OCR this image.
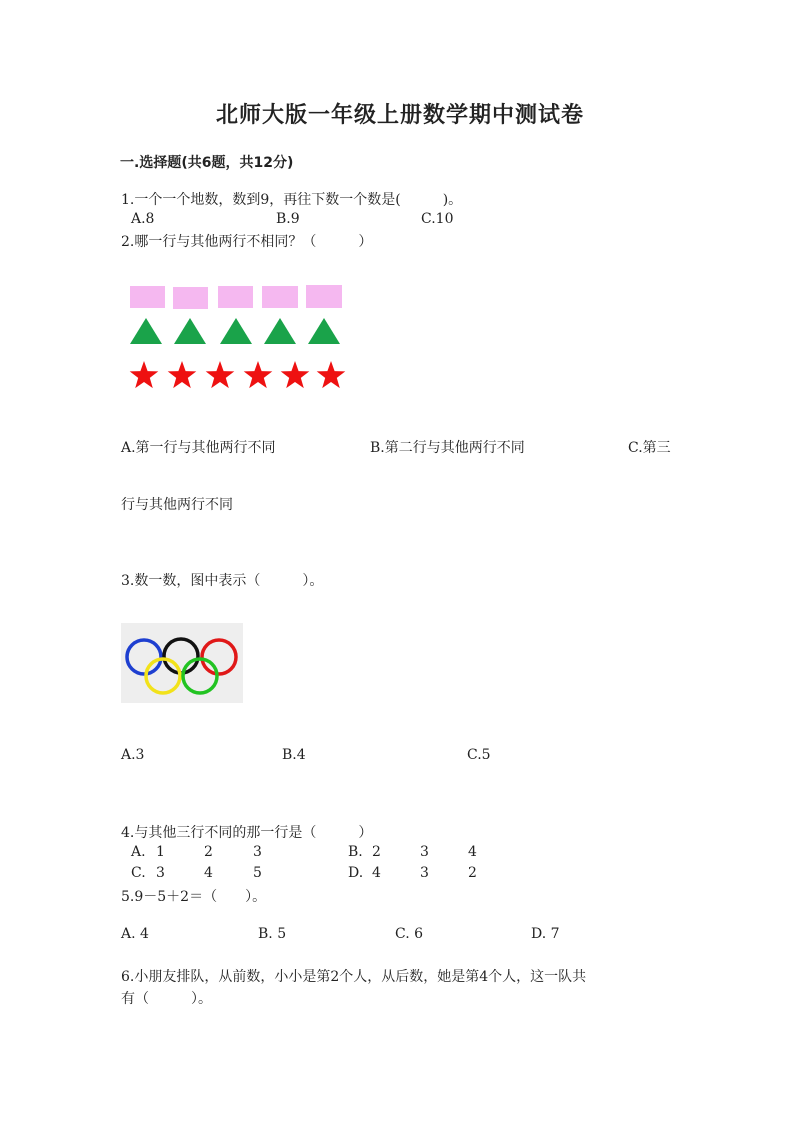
北师大版一年级上册数学期中测试卷
一.选择题(共6题，共12分)
1.一个一个地数，数到9，再往下数一个数是(　　　)。
A.8	B.9	C.10
2.哪一行与其他两行不相同？（　　　）
A.第一行与其他两行不同	B.第二行与其他两行不同	C.第三
行与其他两行不同
3.数一数，图中表示（　　　）。
A.3	B.4	C.5
4.与其他三行不同的那一行是（　　　）
A. 1	2	3	B. 2	3	4
C. 3	4	5	D. 4	3	2
5.9－5＋2＝（　　）。
A. 4	B. 5	C. 6	D. 7
6.小朋友排队，从前数，小小是第2个人，从后数，她是第4个人，这一队共
有（　　　）。
